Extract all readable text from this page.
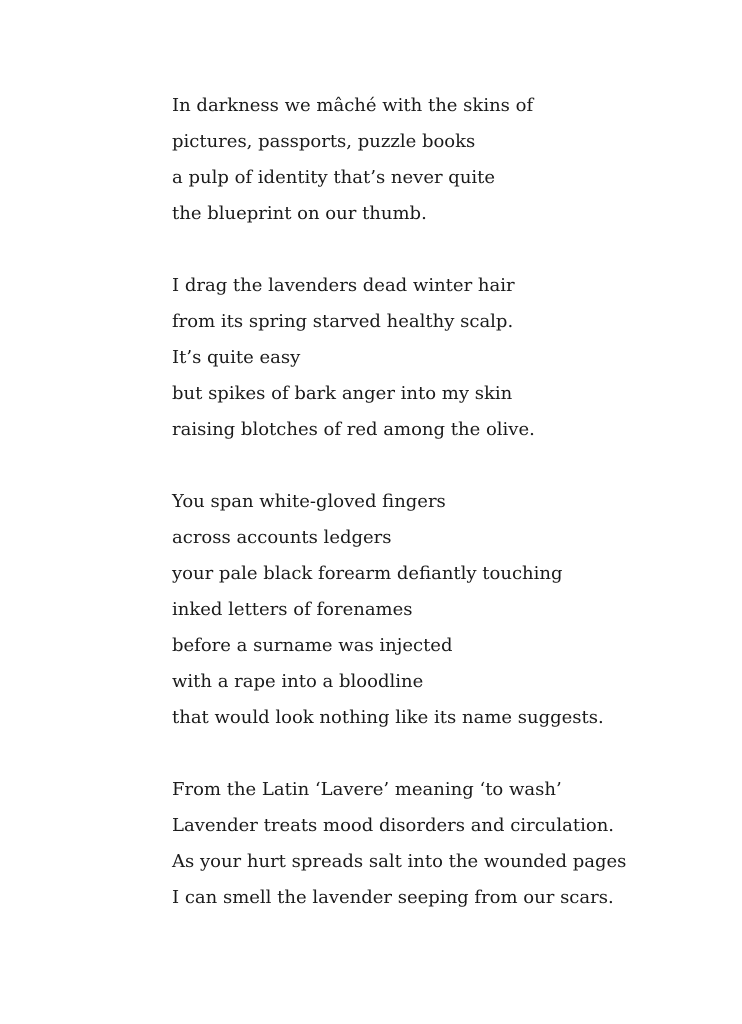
In darkness we mâché with the skins of
pictures, passports, puzzle books
a pulp of identity that’s never quite
the blueprint on our thumb.
I drag the lavenders dead winter hair
from its spring starved healthy scalp.
It’s quite easy
but spikes of bark anger into my skin
raising blotches of red among the olive.
You span white-gloved fingers
across accounts ledgers
your pale black forearm defiantly touching
inked letters of forenames
before a surname was injected
with a rape into a bloodline
that would look nothing like its name suggests.
From the Latin ‘Lavere’ meaning ‘to wash’
Lavender treats mood disorders and circulation.
As your hurt spreads salt into the wounded pages
I can smell the lavender seeping from our scars.
